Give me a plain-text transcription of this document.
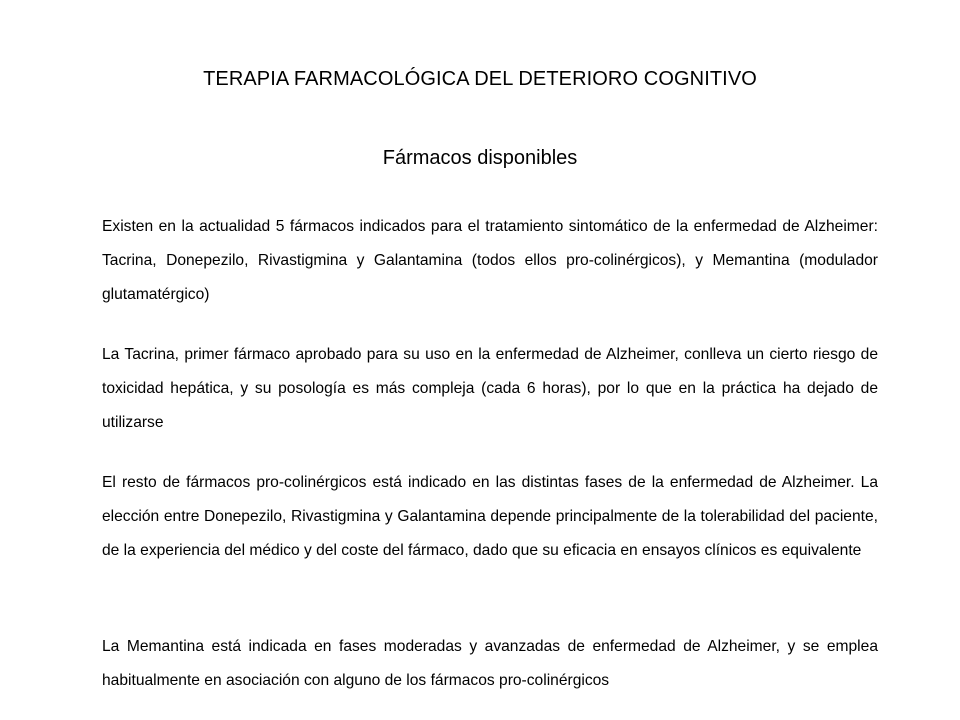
TERAPIA FARMACOLÓGICA DEL DETERIORO COGNITIVO
Fármacos disponibles

Existen en la actualidad 5 fármacos indicados para el tratamiento sintomático de la enfermedad de Alzheimer: Tacrina, Donepezilo, Rivastigmina y Galantamina (todos ellos pro-colinérgicos), y Memantina (modulador glutamatérgico)

La Tacrina, primer fármaco aprobado para su uso en la enfermedad de Alzheimer, conlleva un cierto riesgo de toxicidad hepática, y su posología es más compleja (cada 6 horas), por lo que en la práctica ha dejado de utilizarse

El resto de fármacos pro-colinérgicos está indicado en las distintas fases de la enfermedad de Alzheimer. La elección entre Donepezilo, Rivastigmina y Galantamina depende principalmente de la tolerabilidad del paciente, de la experiencia del médico y del coste del fármaco, dado que su eficacia en ensayos clínicos es equivalente

La Memantina está indicada en fases moderadas y avanzadas de enfermedad de Alzheimer, y se emplea habitualmente en asociación con alguno de los fármacos pro-colinérgicos
